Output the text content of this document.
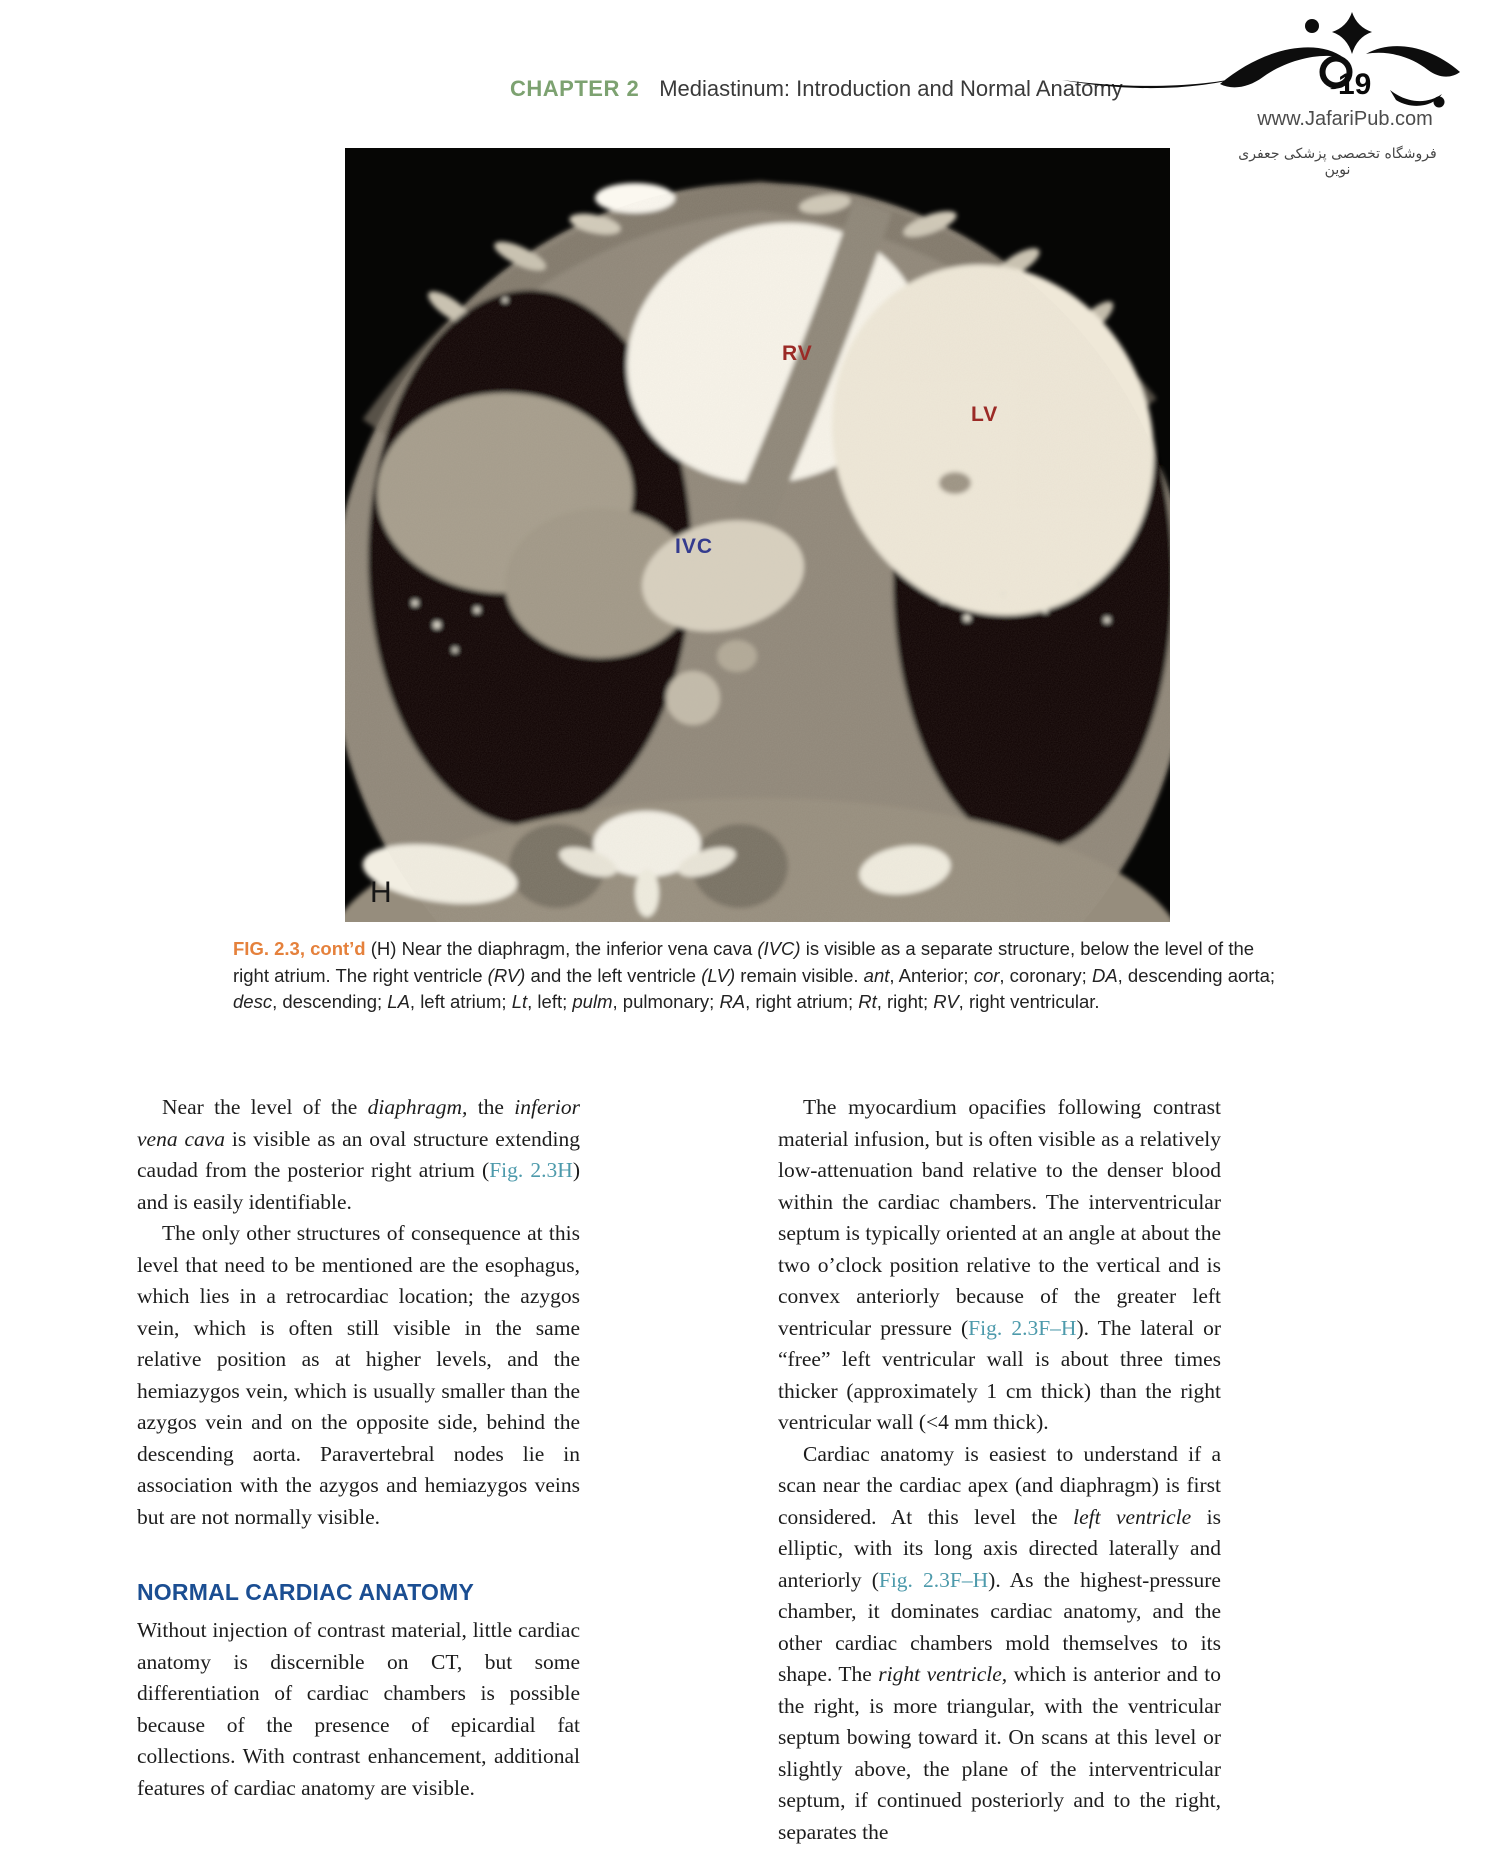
CHAPTER 2 Mediastinum: Introduction and Normal Anatomy	19
www.JafariPub.com
فروشگاه تخصصی پزشکی جعفری نوین
RV
LV
IVC
H

FIG. 2.3, cont’d (H) Near the diaphragm, the inferior vena cava (IVC) is visible as a separate structure, below the level of the right atrium. The right ventricle (RV) and the left ventricle (LV) remain visible. ant, Anterior; cor, coronary; DA, descending aorta; desc, descending; LA, left atrium; Lt, left; pulm, pulmonary; RA, right atrium; Rt, right; RV, right ventricular.

Near the level of the diaphragm, the inferior vena cava is visible as an oval structure extending caudad from the posterior right atrium (Fig. 2.3H) and is easily identifiable.

The only other structures of consequence at this level that need to be mentioned are the esophagus, which lies in a retrocardiac location; the azygos vein, which is often still visible in the same relative position as at higher levels, and the hemiazygos vein, which is usually smaller than the azygos vein and on the opposite side, behind the descending aorta. Paravertebral nodes lie in association with the azygos and hemiazygos veins but are not normally visible.

NORMAL CARDIAC ANATOMY

Without injection of contrast material, little cardiac anatomy is discernible on CT, but some differentiation of cardiac chambers is possible because of the presence of epicardial fat collections. With contrast enhancement, additional features of cardiac anatomy are visible.

The myocardium opacifies following contrast material infusion, but is often visible as a relatively low-attenuation band relative to the denser blood within the cardiac chambers. The interventricular septum is typically oriented at an angle at about the two o’clock position relative to the vertical and is convex anteriorly because of the greater left ventricular pressure (Fig. 2.3F–H). The lateral or “free” left ventricular wall is about three times thicker (approximately 1 cm thick) than the right ventricular wall (<4 mm thick).

Cardiac anatomy is easiest to understand if a scan near the cardiac apex (and diaphragm) is first considered. At this level the left ventricle is elliptic, with its long axis directed laterally and anteriorly (Fig. 2.3F–H). As the highest-pressure chamber, it dominates cardiac anatomy, and the other cardiac chambers mold themselves to its shape. The right ventricle, which is anterior and to the right, is more triangular, with the ventricular septum bowing toward it. On scans at this level or slightly above, the plane of the interventricular septum, if continued posteriorly and to the right, separates the
